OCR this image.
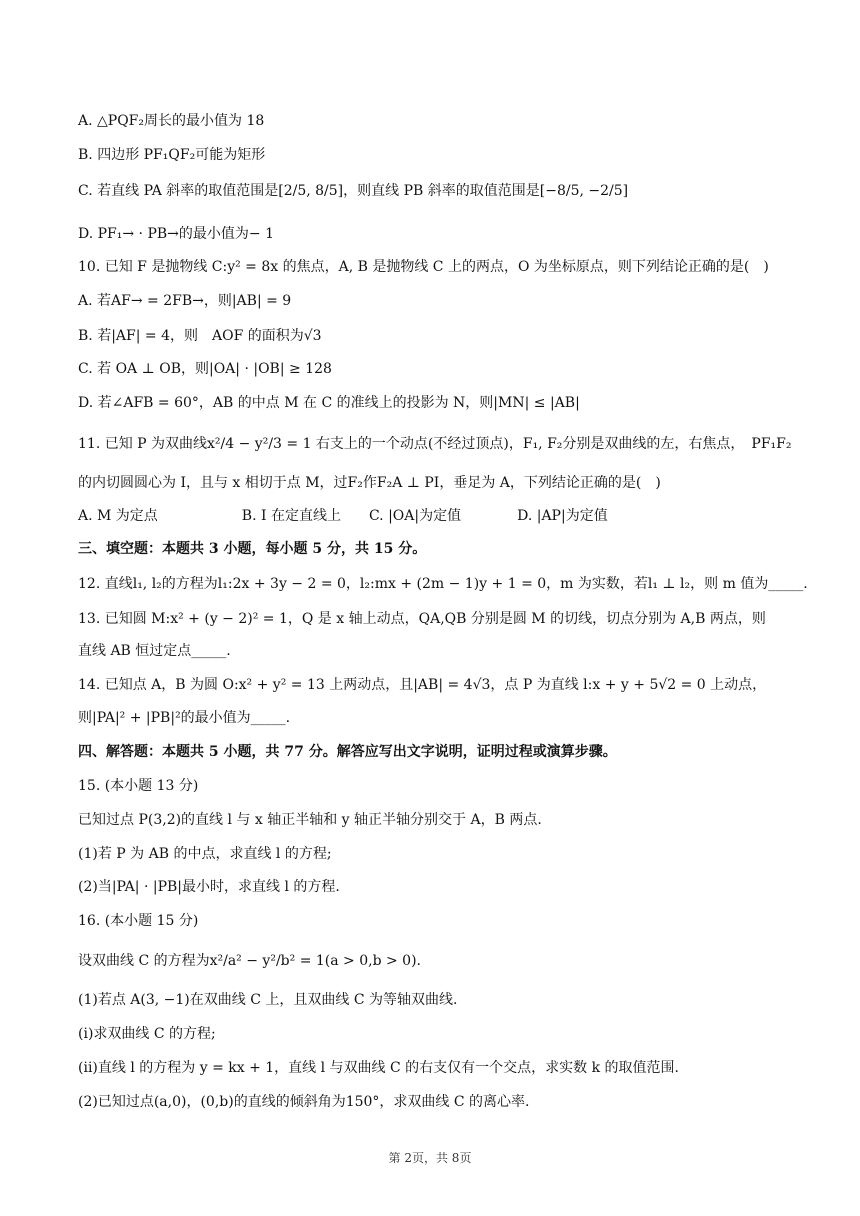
A. △PQF₂周长的最小值为 18
B. 四边形 PF₁QF₂可能为矩形
C. 若直线 PA 斜率的取值范围是[2/5, 8/5]，则直线 PB 斜率的取值范围是[−8/5, −2/5]
D. PF₁→ · PB→的最小值为− 1
10. 已知 F 是抛物线 C:y² = 8x 的焦点，A, B 是抛物线 C 上的两点，O 为坐标原点，则下列结论正确的是(　)
A. 若AF→ = 2FB→，则|AB| = 9
B. 若|AF| = 4，则　AOF 的面积为√3
C. 若 OA ⊥ OB，则|OA| · |OB| ≥ 128
D. 若∠AFB = 60°，AB 的中点 M 在 C 的准线上的投影为 N，则|MN| ≤ |AB|
11. 已知 P 为双曲线x²/4 − y²/3 = 1 右支上的一个动点(不经过顶点)，F₁, F₂分别是双曲线的左，右焦点，　PF₁F₂
的内切圆圆心为 I，且与 x 相切于点 M，过F₂作F₂A ⊥ PI，垂足为 A，下列结论正确的是(　)
A. M 为定点　　　　　　B. I 在定直线上　　C. |OA|为定值　　　　D. |AP|为定值
三、填空题：本题共 3 小题，每小题 5 分，共 15 分。
12. 直线l₁, l₂的方程为l₁:2x + 3y − 2 = 0，l₂:mx + (2m − 1)y + 1 = 0，m 为实数，若l₁ ⊥ l₂，则 m 值为_____.
13. 已知圆 M:x² + (y − 2)² = 1，Q 是 x 轴上动点，QA,QB 分别是圆 M 的切线，切点分别为 A,B 两点，则
直线 AB 恒过定点_____.
14. 已知点 A，B 为圆 O:x² + y² = 13 上两动点，且|AB| = 4√3，点 P 为直线 l:x + y + 5√2 = 0 上动点，
则|PA|² + |PB|²的最小值为_____.
四、解答题：本题共 5 小题，共 77 分。解答应写出文字说明，证明过程或演算步骤。
15. (本小题 13 分)
已知过点 P(3,2)的直线 l 与 x 轴正半轴和 y 轴正半轴分别交于 A，B 两点.
(1)若 P 为 AB 的中点，求直线 l 的方程;
(2)当|PA| · |PB|最小时，求直线 l 的方程.
16. (本小题 15 分)
设双曲线 C 的方程为x²/a² − y²/b² = 1(a > 0,b > 0).
(1)若点 A(3, −1)在双曲线 C 上，且双曲线 C 为等轴双曲线.
(ⅰ)求双曲线 C 的方程;
(ⅱ)直线 l 的方程为 y = kx + 1，直线 l 与双曲线 C 的右支仅有一个交点，求实数 k 的取值范围.
(2)已知过点(a,0)，(0,b)的直线的倾斜角为150°，求双曲线 C 的离心率.
第 2页，共 8页
